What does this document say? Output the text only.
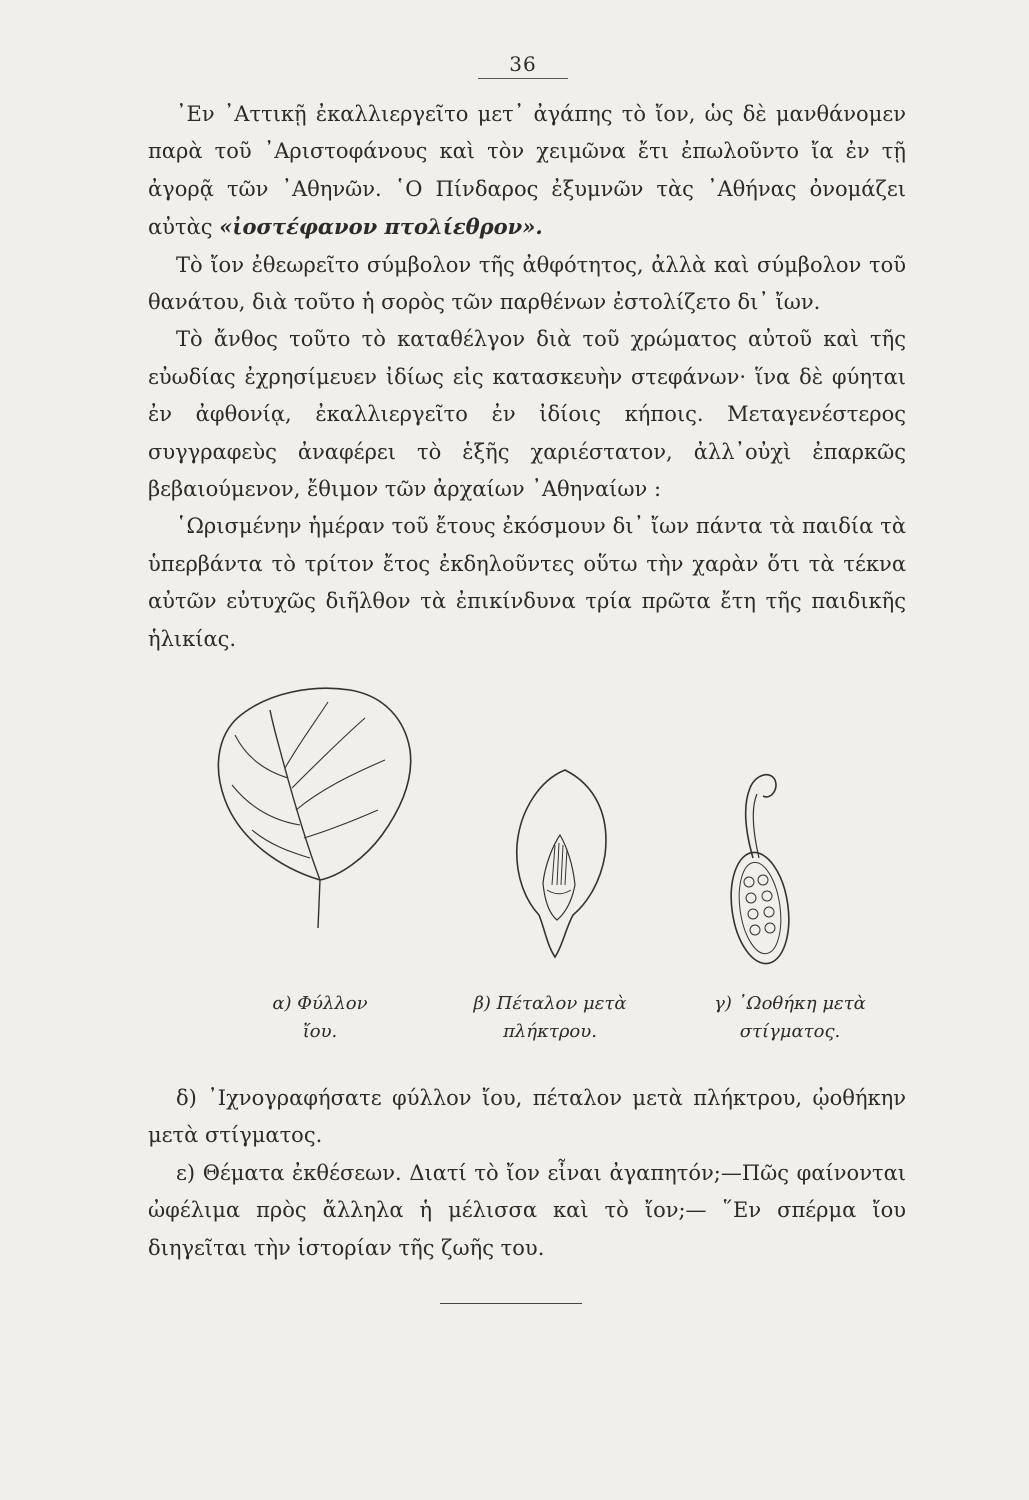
36

᾿Εν ᾿Αττικῇ ἐκαλλιεργεῖτο μετ᾿ ἀγάπης τὸ ἴον, ὡς δὲ μανθάνομεν παρὰ τοῦ ᾿Αριστοφάνους καὶ τὸν χειμῶνα ἔτι ἐπωλοῦντο ἴα ἐν τῇ ἀγορᾷ τῶν ᾿Αθηνῶν. ῾Ο Πίνδαρος ἐξυμνῶν τὰς ᾿Αθήνας ὀνομάζει αὐτὰς «ἰοστέφανον πτολίεθρον».

Τὸ ἴον ἐθεωρεῖτο σύμβολον τῆς ἀθφότητος, ἀλλὰ καὶ σύμβολον τοῦ θανάτου, διὰ τοῦτο ἡ σορὸς τῶν παρθένων ἐστολίζετο δι᾿ ἴων.

Τὸ ἄνθος τοῦτο τὸ καταθέλγον διὰ τοῦ χρώματος αὐτοῦ καὶ τῆς εὐωδίας ἐχρησίμευεν ἰδίως εἰς κατασκευὴν στεφάνων· ἵνα δὲ φύηται ἐν ἀφθονίᾳ, ἐκαλλιεργεῖτο ἐν ἰδίοις κήποις. Μεταγενέστερος συγγραφεὺς ἀναφέρει τὸ ἑξῆς χαριέστατον, ἀλλ᾿οὐχὶ ἐπαρκῶς βεβαιούμενον, ἔθιμον τῶν ἀρχαίων ᾿Αθηναίων :

῾Ωρισμένην ἡμέραν τοῦ ἔτους ἐκόσμουν δι᾿ ἴων πάντα τὰ παιδία τὰ ὑπερβάντα τὸ τρίτον ἔτος ἐκδηλοῦντες οὕτω τὴν χαρὰν ὅτι τὰ τέκνα αὐτῶν εὐτυχῶς διῆλθον τὰ ἐπικίνδυνα τρία πρῶτα ἔτη τῆς παιδικῆς ἡλικίας.

α) Φύλλον
ἴου.
β) Πέταλον μετὰ
πλήκτρου.
γ) ᾿Ωοθήκη μετὰ
στίγματος.

δ) ᾿Ιχνογραφήσατε φύλλον ἴου, πέταλον μετὰ πλήκτρου, ᾠοθήκην μετὰ στίγματος.

ε) Θέματα ἐκθέσεων. Διατί τὸ ἴον εἶναι ἀγαπητόν;—Πῶς φαίνονται ὠφέλιμα πρὸς ἄλληλα ἡ μέλισσα καὶ τὸ ἴον;— ῞Εν σπέρμα ἴου διηγεῖται τὴν ἱστορίαν τῆς ζωῆς του.
